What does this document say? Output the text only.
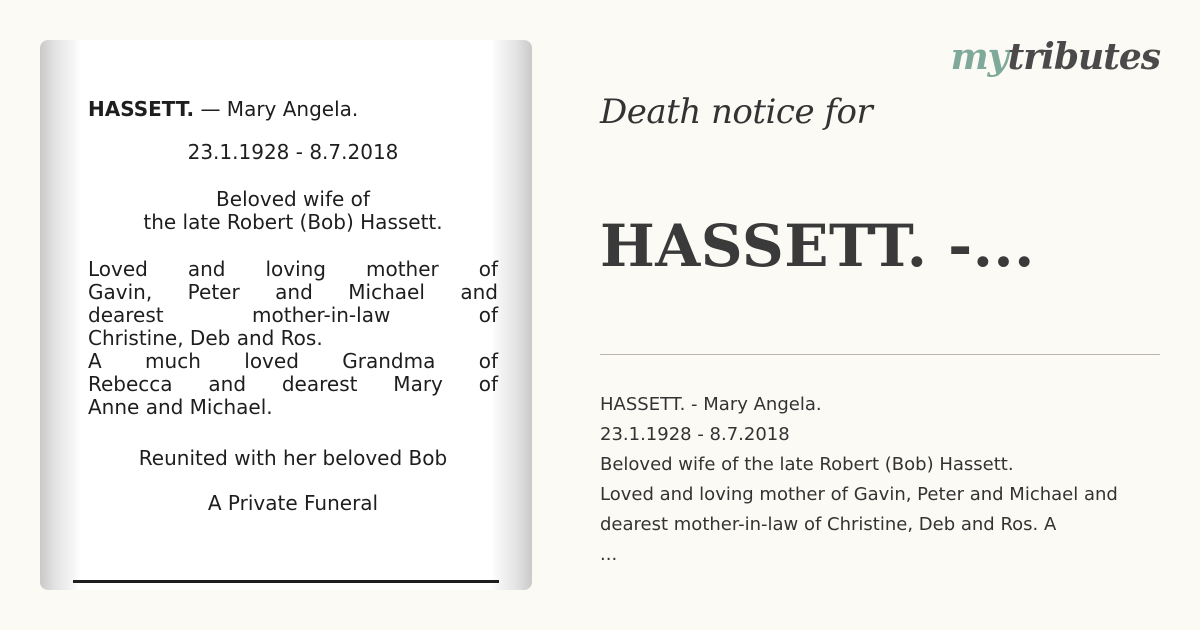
HASSETT. — Mary Angela.
23.1.1928 - 8.7.2018
Beloved wife of
the late Robert (Bob) Hassett.
Loved and loving mother of
Gavin, Peter and Michael and
dearest mother-in-law of
Christine, Deb and Ros.
A much loved Grandma of
Rebecca and dearest Mary of
Anne and Michael.
Reunited with her beloved Bob
A Private Funeral
mytributes
Death notice for
HASSETT. -...
HASSETT. - Mary Angela.
23.1.1928 - 8.7.2018
Beloved wife of the late Robert (Bob) Hassett.
Loved and loving mother of Gavin, Peter and Michael and
dearest mother-in-law of Christine, Deb and Ros. A
...
